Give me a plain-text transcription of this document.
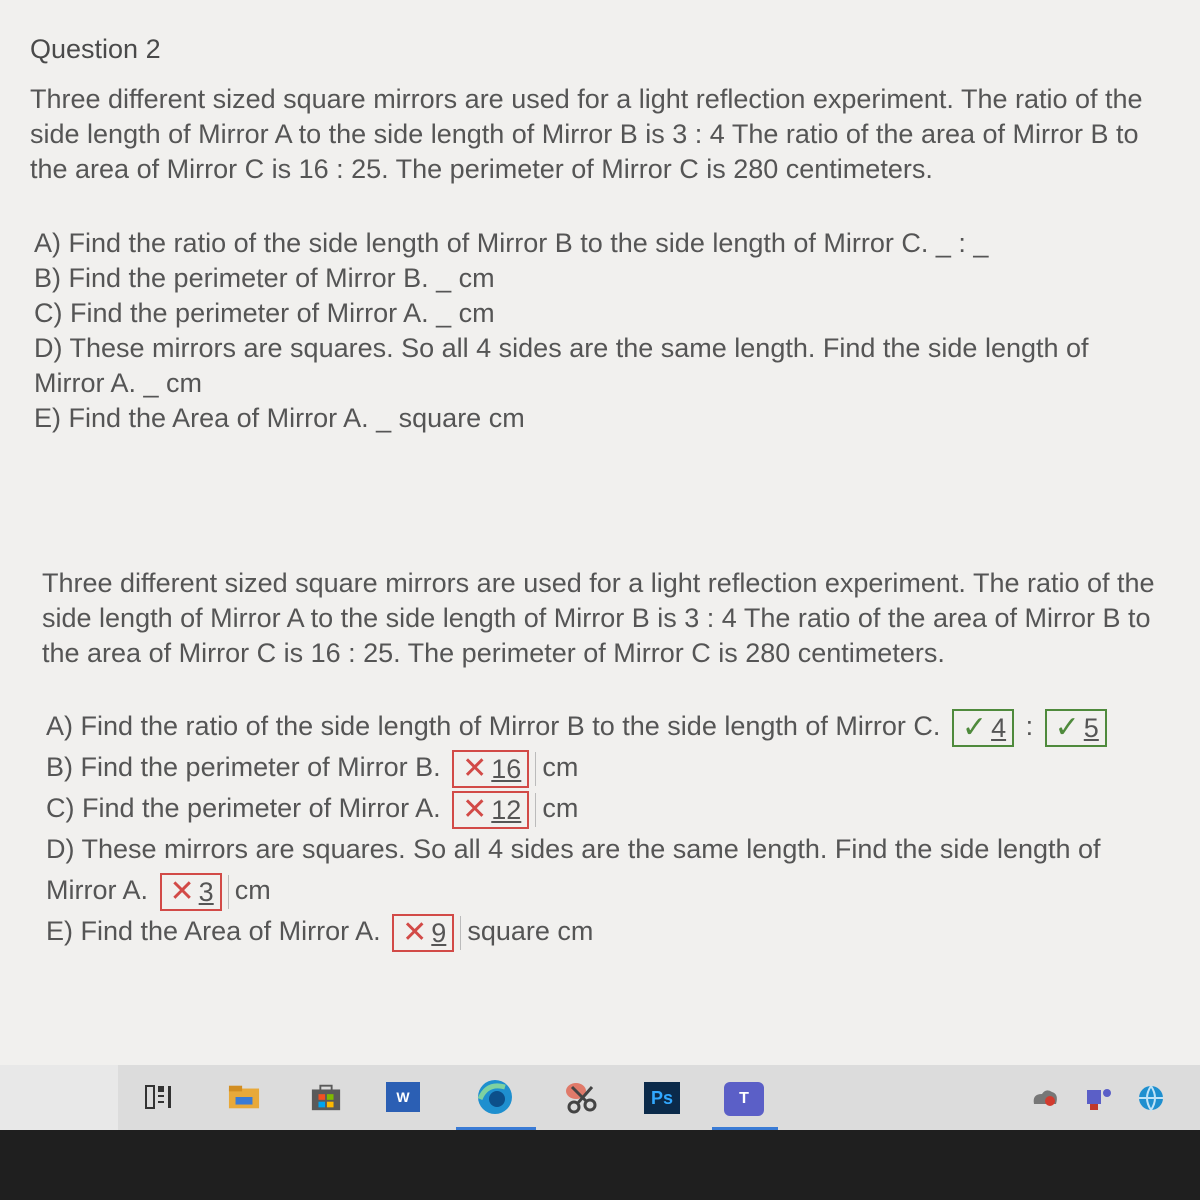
Question 2
Three different sized square mirrors are used for a light reflection experiment. The ratio of the side length of Mirror A to the side length of Mirror B is 3 : 4 The ratio of the area of Mirror B to the area of Mirror C is 16 : 25. The perimeter of Mirror C is 280 centimeters.
A) Find the ratio of the side length of Mirror B to the side length of Mirror C. _ : _
B) Find the perimeter of Mirror B. _ cm
C) Find the perimeter of Mirror A. _ cm
D) These mirrors are squares. So all 4 sides are the same length. Find the side length of
Mirror A. _ cm
E) Find the Area of Mirror A. _ square cm
Three different sized square mirrors are used for a light reflection experiment. The ratio of the side length of Mirror A to the side length of Mirror B is 3 : 4 The ratio of the area of Mirror B to the area of Mirror C is 16 : 25. The perimeter of Mirror C is 280 centimeters.
A) Find the ratio of the side length of Mirror B to the side length of Mirror C. ✓ 4 : ✓ 5
B) Find the perimeter of Mirror B. ✕ 16 cm
C) Find the perimeter of Mirror A. ✕ 12 cm
D) These mirrors are squares. So all 4 sides are the same length. Find the side length of
Mirror A. ✕ 3 cm
E) Find the Area of Mirror A. ✕ 9 square cm
W	Ps	T
